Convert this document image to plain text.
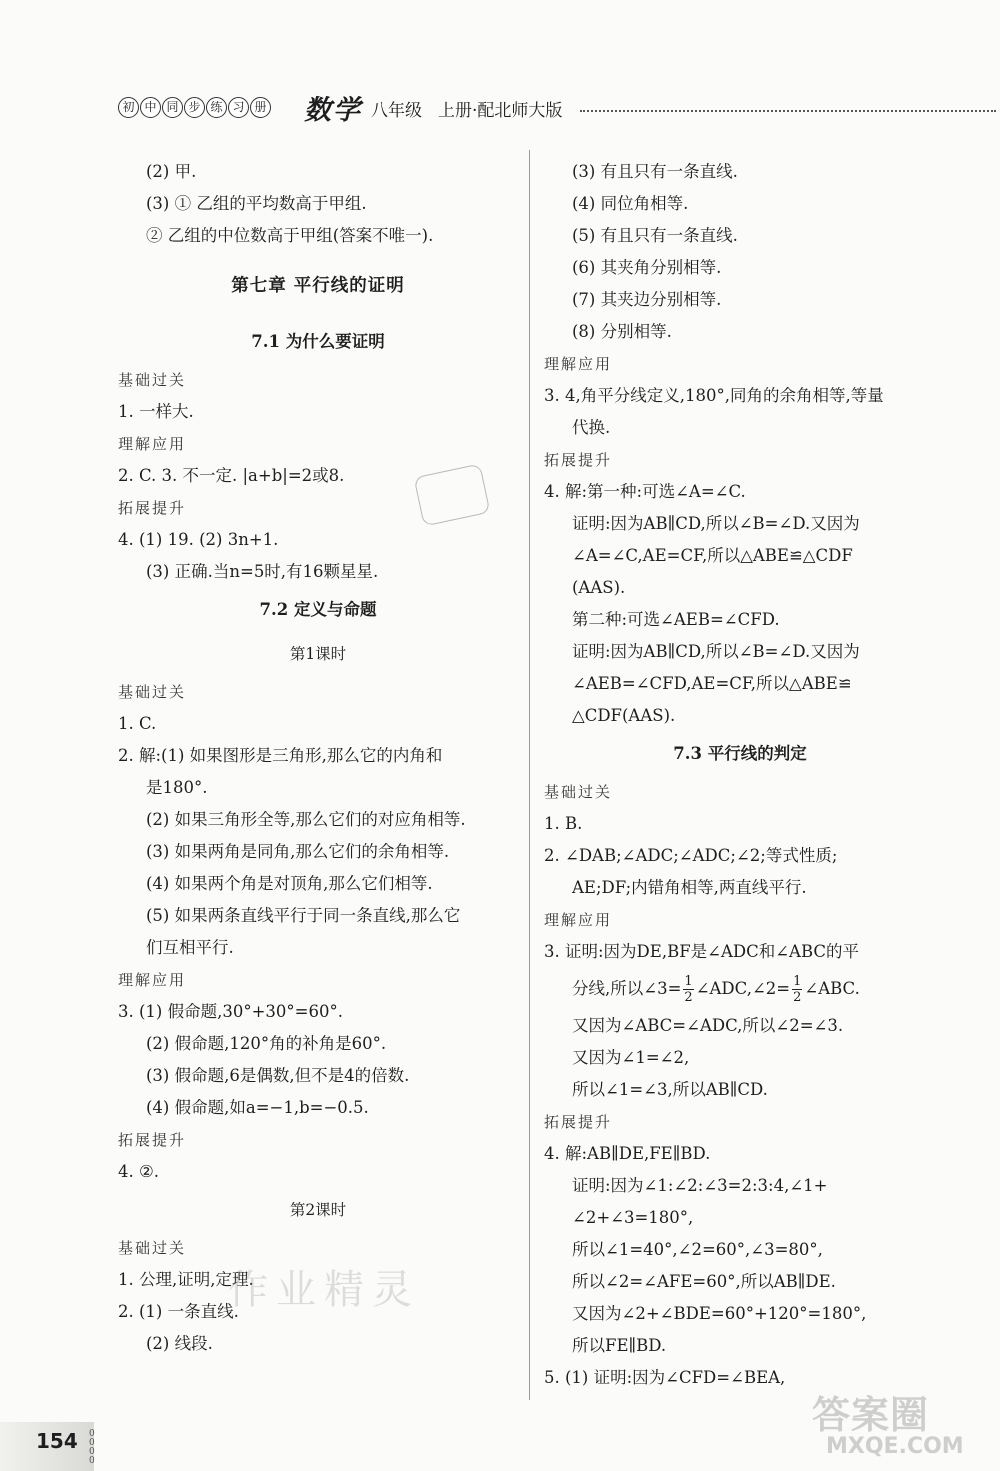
初 中 同 步 练 习 册 数学 八年级 上册·配北师大版
(2) 甲.
(3) ① 乙组的平均数高于甲组.
② 乙组的中位数高于甲组(答案不唯一).
第七章 平行线的证明
7.1 为什么要证明
基础过关
1. 一样大.
理解应用
2. C. 3. 不一定. |a+b|=2或8.
拓展提升
4. (1) 19. (2) 3n+1.
(3) 正确.当n=5时,有16颗星星.
7.2 定义与命题
第1课时
基础过关
1. C.
2. 解:(1) 如果图形是三角形,那么它的内角和
是180°.
(2) 如果三角形全等,那么它们的对应角相等.
(3) 如果两角是同角,那么它们的余角相等.
(4) 如果两个角是对顶角,那么它们相等.
(5) 如果两条直线平行于同一条直线,那么它
们互相平行.
理解应用
3. (1) 假命题,30°+30°=60°.
(2) 假命题,120°角的补角是60°.
(3) 假命题,6是偶数,但不是4的倍数.
(4) 假命题,如a=−1,b=−0.5.
拓展提升
4. ②.
第2课时
基础过关
1. 公理,证明,定理.
2. (1) 一条直线.
(2) 线段.
(3) 有且只有一条直线.
(4) 同位角相等.
(5) 有且只有一条直线.
(6) 其夹角分别相等.
(7) 其夹边分别相等.
(8) 分别相等.
理解应用
3. 4,角平分线定义,180°,同角的余角相等,等量
代换.
拓展提升
4. 解:第一种:可选∠A=∠C.
证明:因为AB∥CD,所以∠B=∠D.又因为
∠A=∠C,AE=CF,所以△ABE≌△CDF
(AAS).
第二种:可选∠AEB=∠CFD.
证明:因为AB∥CD,所以∠B=∠D.又因为
∠AEB=∠CFD,AE=CF,所以△ABE≌
△CDF(AAS).
7.3 平行线的判定
基础过关
1. B.
2. ∠DAB;∠ADC;∠ADC;∠2;等式性质;
AE;DF;内错角相等,两直线平行.
理解应用
3. 证明:因为DE,BF是∠ADC和∠ABC的平
分线,所以∠3= $\frac{1}{2}$ ∠ADC,∠2= $\frac{1}{2}$ ∠ABC.
又因为∠ABC=∠ADC,所以∠2=∠3.
又因为∠1=∠2,
所以∠1=∠3,所以AB∥CD.
拓展提升
4. 解:AB∥DE,FE∥BD.
证明:因为∠1:∠2:∠3=2:3:4,∠1+
∠2+∠3=180°,
所以∠1=40°,∠2=60°,∠3=80°,
所以∠2=∠AFE=60°,所以AB∥DE.
又因为∠2+∠BDE=60°+120°=180°,
所以FE∥BD.
5. (1) 证明:因为∠CFD=∠BEA,
作业精灵
答案圈
MXQE.COM
154 0000
